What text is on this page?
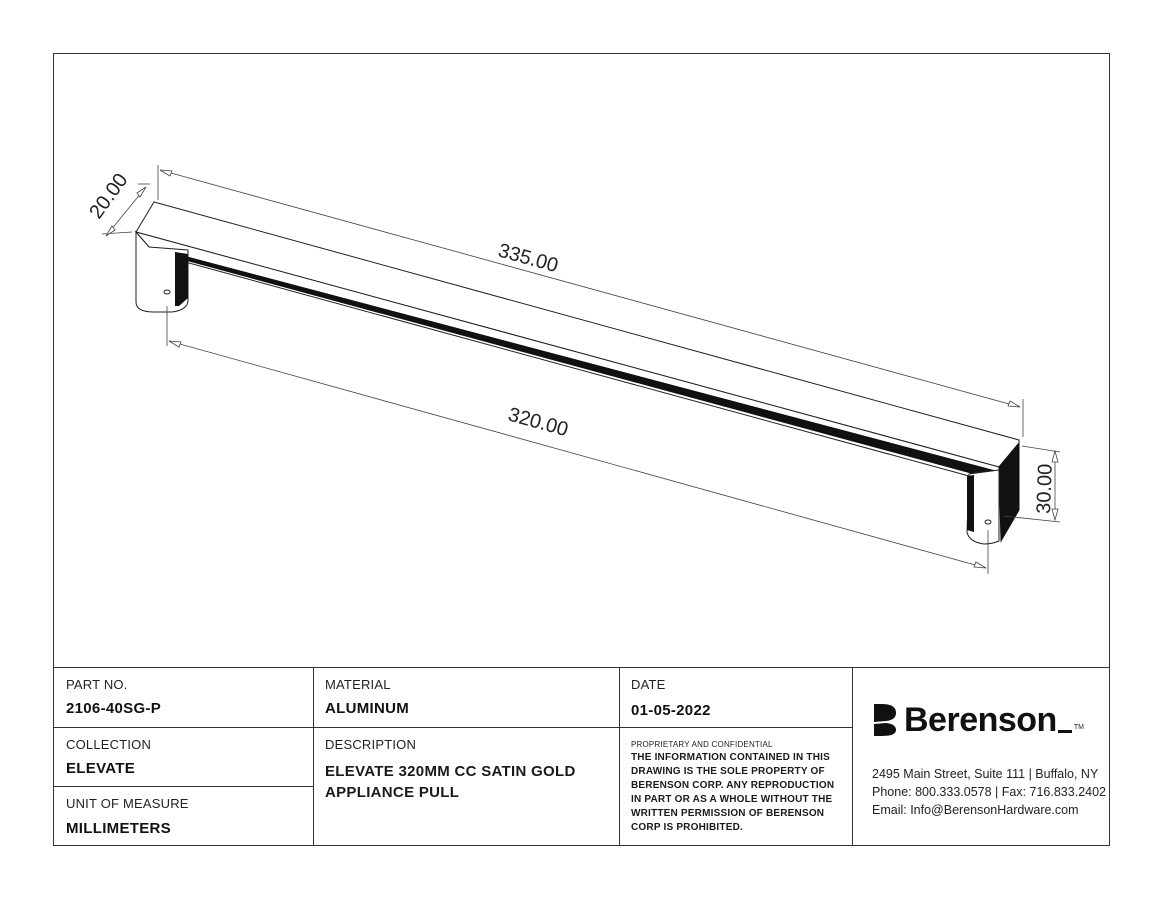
335.00
320.00
20.00
30.00
PART NO.
2106-40SG-P
MATERIAL
ALUMINUM
DATE
01-05-2022
COLLECTION
ELEVATE
UNIT OF MEASURE
MILLIMETERS
DESCRIPTION
ELEVATE 320MM CC SATIN GOLD APPLIANCE PULL
PROPRIETARY AND CONFIDENTIAL
THE INFORMATION CONTAINED IN THIS DRAWING IS THE SOLE PROPERTY OF BERENSON CORP. ANY REPRODUCTION IN PART OR AS A WHOLE WITHOUT THE WRITTEN PERMISSION OF BERENSON CORP IS PROHIBITED.
Berenson TM
2495 Main Street, Suite 111 | Buffalo, NY
Phone: 800.333.0578 | Fax: 716.833.2402
Email: Info@BerensonHardware.com
